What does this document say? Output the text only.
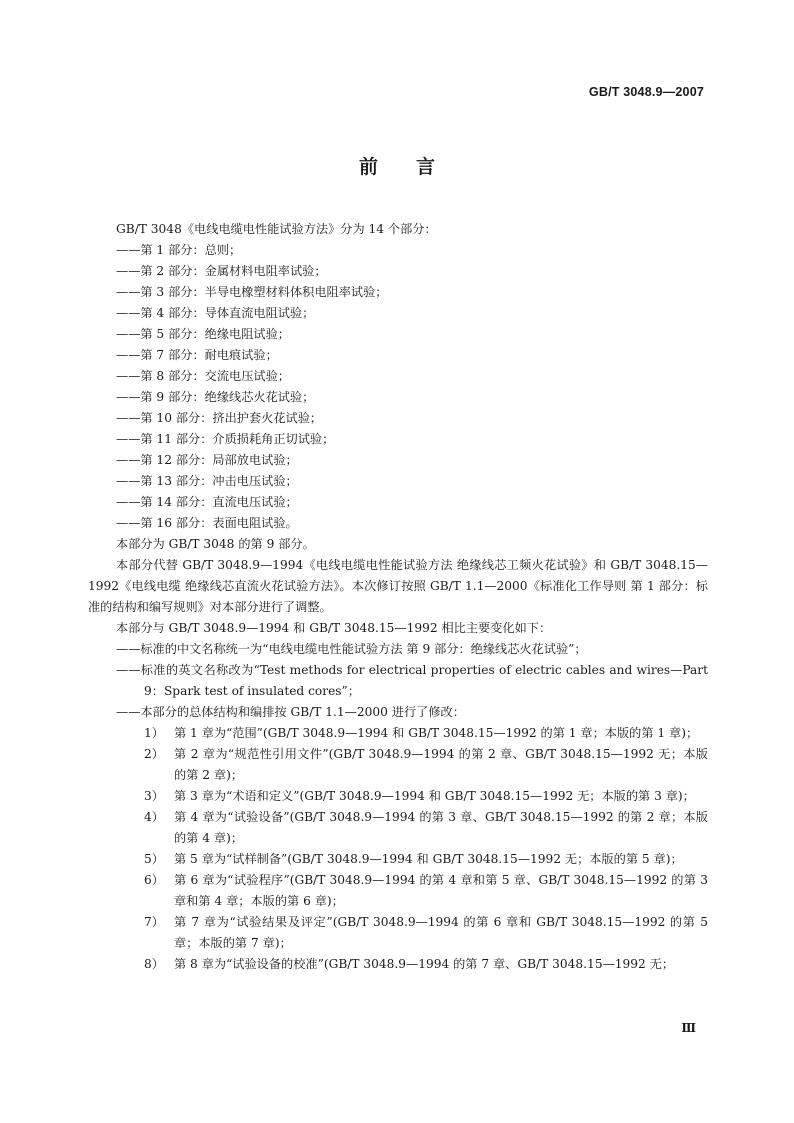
GB/T 3048.9—2007
前言

GB/T 3048《电线电缆电性能试验方法》分为 14 个部分：

——第 1 部分：总则；
——第 2 部分：金属材料电阻率试验；
——第 3 部分：半导电橡塑材料体积电阻率试验；
——第 4 部分：导体直流电阻试验；
——第 5 部分：绝缘电阻试验；
——第 7 部分：耐电痕试验；
——第 8 部分：交流电压试验；
——第 9 部分：绝缘线芯火花试验；
——第 10 部分：挤出护套火花试验；
——第 11 部分：介质损耗角正切试验；
——第 12 部分：局部放电试验；
——第 13 部分：冲击电压试验；
——第 14 部分：直流电压试验；
——第 16 部分：表面电阻试验。

本部分为 GB/T 3048 的第 9 部分。

本部分代替 GB/T 3048.9—1994《电线电缆电性能试验方法 绝缘线芯工频火花试验》和 GB/T 3048.15—1992《电线电缆 绝缘线芯直流火花试验方法》。本次修订按照 GB/T 1.1—2000《标准化工作导则 第 1 部分：标准的结构和编写规则》对本部分进行了调整。

本部分与 GB/T 3048.9—1994 和 GB/T 3048.15—1992 相比主要变化如下：

——标准的中文名称统一为“电线电缆电性能试验方法 第 9 部分：绝缘线芯火花试验”；

——标准的英文名称改为“Test methods for electrical properties of electric cables and wires—Part 9：Spark test of insulated cores”；

——本部分的总体结构和编排按 GB/T 1.1—2000 进行了修改：

1） 第 1 章为“范围”(GB/T 3048.9—1994 和 GB/T 3048.15—1992 的第 1 章；本版的第 1 章)；
2） 第 2 章为“规范性引用文件”(GB/T 3048.9—1994 的第 2 章、GB/T 3048.15—1992 无；本版的第 2 章)；
3） 第 3 章为“术语和定义”(GB/T 3048.9—1994 和 GB/T 3048.15—1992 无；本版的第 3 章)；
4） 第 4 章为“试验设备”(GB/T 3048.9—1994 的第 3 章、GB/T 3048.15—1992 的第 2 章；本版的第 4 章)；
5） 第 5 章为“试样制备”(GB/T 3048.9—1994 和 GB/T 3048.15—1992 无；本版的第 5 章)；
6） 第 6 章为“试验程序”(GB/T 3048.9—1994 的第 4 章和第 5 章、GB/T 3048.15—1992 的第 3 章和第 4 章；本版的第 6 章)；
7） 第 7 章为“试验结果及评定”(GB/T 3048.9—1994 的第 6 章和 GB/T 3048.15—1992 的第 5 章；本版的第 7 章)；
8） 第 8 章为“试验设备的校准”(GB/T 3048.9—1994 的第 7 章、GB/T 3048.15—1992 无；
Ⅲ
